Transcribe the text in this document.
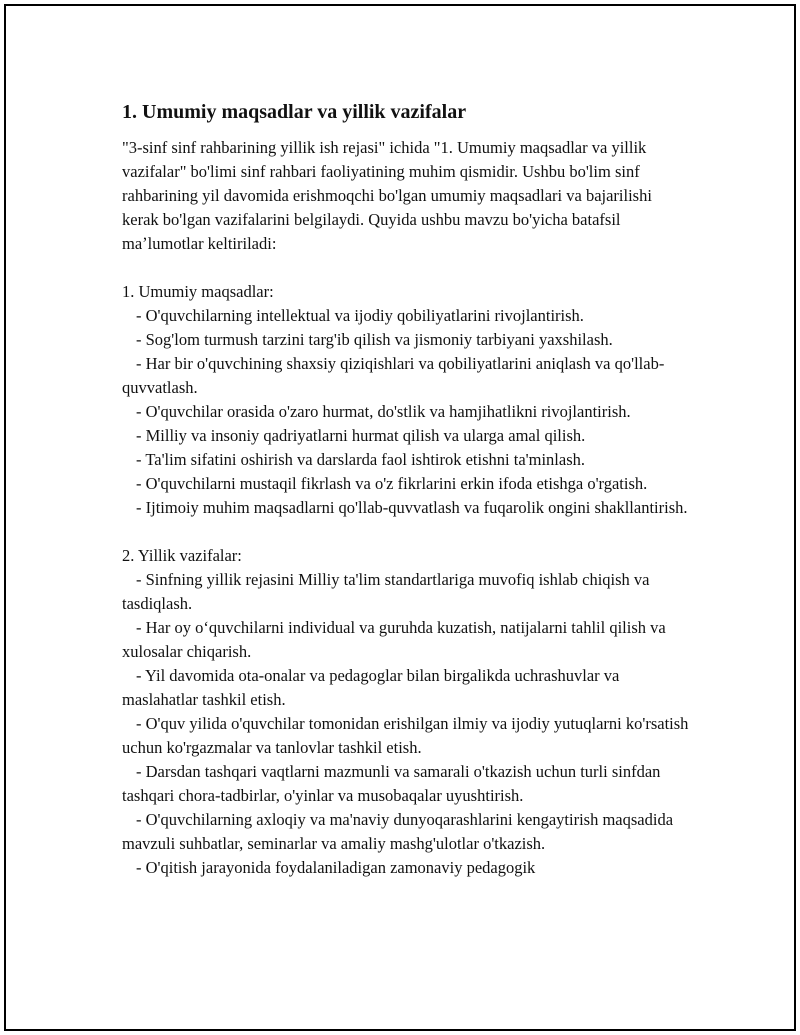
1. Umumiy maqsadlar va yillik vazifalar

"3-sinf sinf rahbarining yillik ish rejasi" ichida "1. Umumiy maqsadlar va yillik vazifalar" bo'limi sinf rahbari faoliyatining muhim qismidir. Ushbu bo'lim sinf rahbarining yil davomida erishmoqchi bo'lgan umumiy maqsadlari va bajarilishi kerak bo'lgan vazifalarini belgilaydi. Quyida ushbu mavzu bo'yicha batafsil maʼlumotlar keltiriladi:

1. Umumiy maqsadlar:

- O'quvchilarning intellektual va ijodiy qobiliyatlarini rivojlantirish.

- Sog'lom turmush tarzini targ'ib qilish va jismoniy tarbiyani yaxshilash.

- Har bir o'quvchining shaxsiy qiziqishlari va qobiliyatlarini aniqlash va qo'llab-quvvatlash.

- O'quvchilar orasida o'zaro hurmat, do'stlik va hamjihatlikni rivojlantirish.

- Milliy va insoniy qadriyatlarni hurmat qilish va ularga amal qilish.

- Ta'lim sifatini oshirish va darslarda faol ishtirok etishni ta'minlash.

- O'quvchilarni mustaqil fikrlash va o'z fikrlarini erkin ifoda etishga o'rgatish.

- Ijtimoiy muhim maqsadlarni qo'llab-quvvatlash va fuqarolik ongini shakllantirish.

2. Yillik vazifalar:

- Sinfning yillik rejasini Milliy ta'lim standartlariga muvofiq ishlab chiqish va tasdiqlash.

- Har oy oʻquvchilarni individual va guruhda kuzatish, natijalarni tahlil qilish va xulosalar chiqarish.

- Yil davomida ota-onalar va pedagoglar bilan birgalikda uchrashuvlar va maslahatlar tashkil etish.

- O'quv yilida o'quvchilar tomonidan erishilgan ilmiy va ijodiy yutuqlarni ko'rsatish uchun ko'rgazmalar va tanlovlar tashkil etish.

- Darsdan tashqari vaqtlarni mazmunli va samarali o'tkazish uchun turli sinfdan tashqari chora-tadbirlar, o'yinlar va musobaqalar uyushtirish.

- O'quvchilarning axloqiy va ma'naviy dunyoqarashlarini kengaytirish maqsadida mavzuli suhbatlar, seminarlar va amaliy mashg'ulotlar o'tkazish.

- O'qitish jarayonida foydalaniladigan zamonaviy pedagogik
